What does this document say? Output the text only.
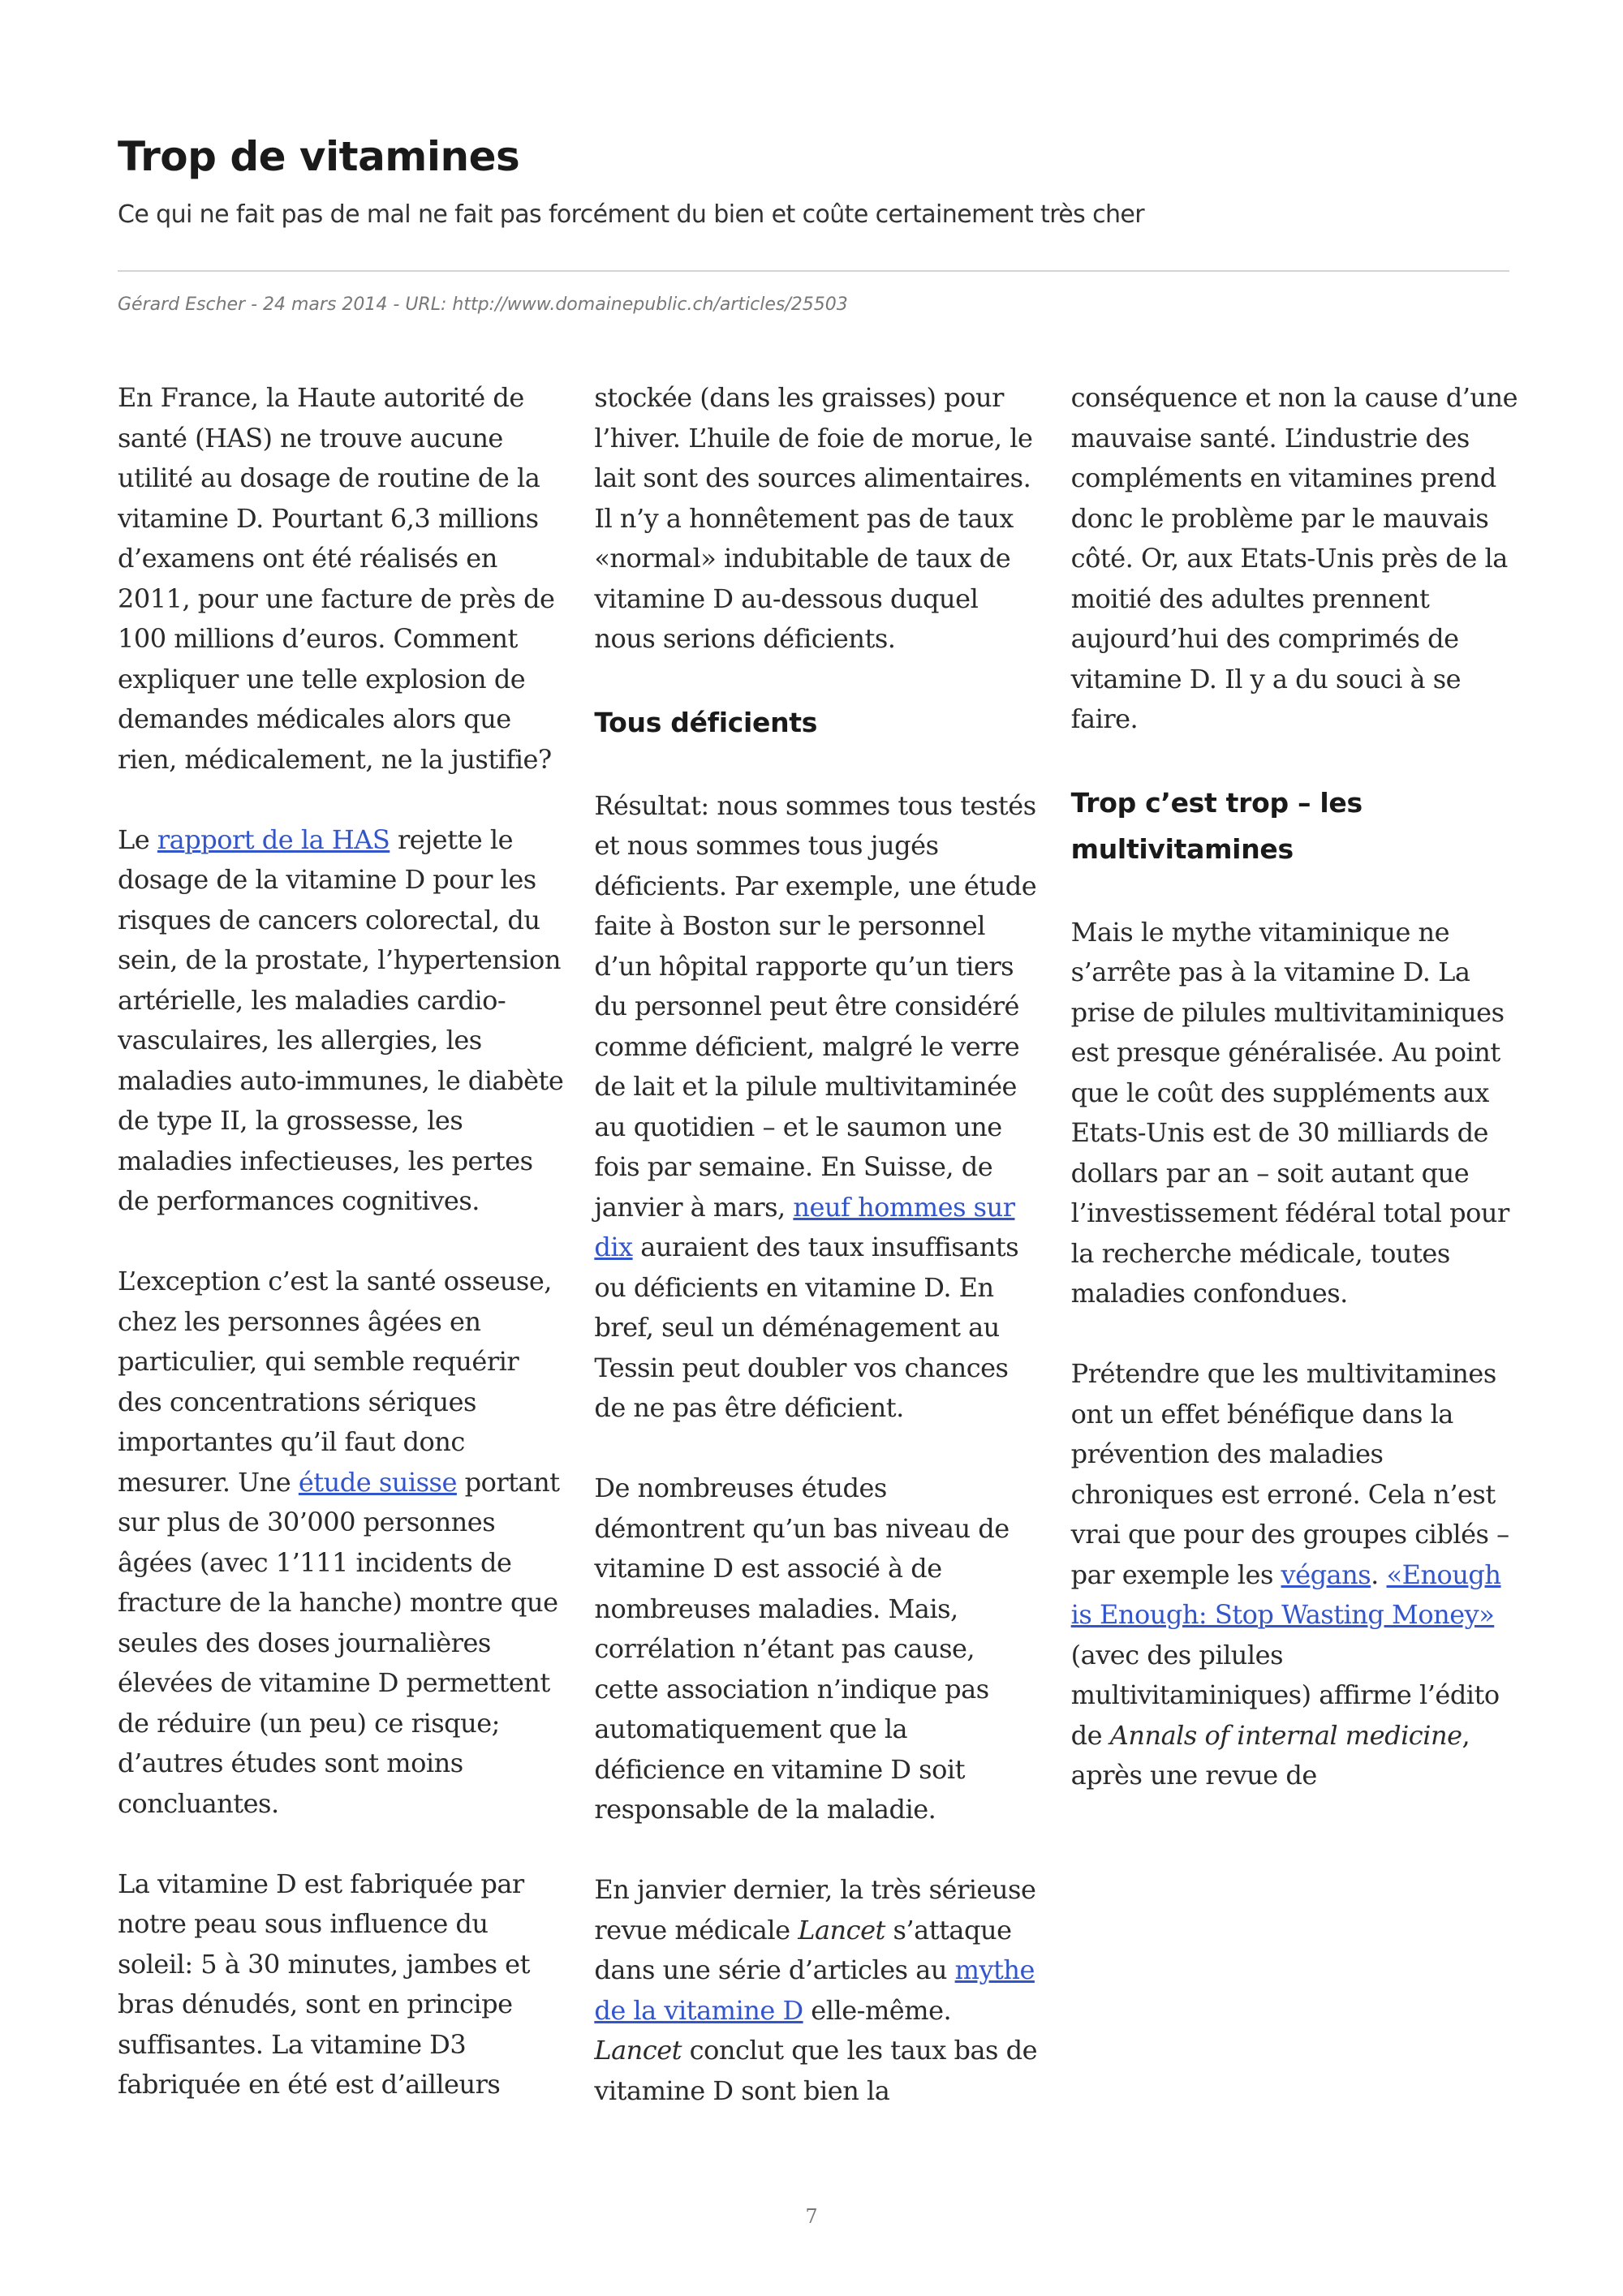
Trop de vitamines
Ce qui ne fait pas de mal ne fait pas forcément du bien et coûte certainement très cher
Gérard Escher - 24 mars 2014 - URL: http://www.domainepublic.ch/articles/25503
7

En France, la Haute autorité de santé (HAS) ne trouve aucune utilité au dosage de routine de la vitamine D. Pourtant 6,3 millions d’examens ont été réalisés en 2011, pour une facture de près de 100 millions d’euros. Comment expliquer une telle explosion de demandes médicales alors que rien, médicalement, ne la justifie?

Le rapport de la HAS rejette le dosage de la vitamine D pour les risques de cancers colorectal, du sein, de la prostate, l’hypertension artérielle, les maladies cardio-vasculaires, les allergies, les maladies auto-immunes, le diabète de type II, la grossesse, les maladies infectieuses, les pertes de performances cognitives.

L’exception c’est la santé osseuse, chez les personnes âgées en particulier, qui semble requérir des concentrations sériques importantes qu’il faut donc mesurer. Une étude suisse portant sur plus de 30’000 personnes âgées (avec 1’111 incidents de fracture de la hanche) montre que seules des doses journalières élevées de vitamine D permettent de réduire (un peu) ce risque; d’autres études sont moins concluantes.

La vitamine D est fabriquée par notre peau sous influence du soleil: 5 à 30 minutes, jambes et bras dénudés, sont en principe suffisantes. La vitamine D3 fabriquée en été est d’ailleurs stockée (dans les graisses) pour l’hiver. L’huile de foie de morue, le lait sont des sources alimentaires. Il n’y a honnêtement pas de taux «normal» indubitable de taux de vitamine D au-dessous duquel nous serions déficients.

Tous déficients

Résultat: nous sommes tous testés et nous sommes tous jugés déficients. Par exemple, une étude faite à Boston sur le personnel d’un hôpital rapporte qu’un tiers du personnel peut être considéré comme déficient, malgré le verre de lait et la pilule multivitaminée au quotidien – et le saumon une fois par semaine. En Suisse, de janvier à mars, neuf hommes sur dix auraient des taux insuffisants ou déficients en vitamine D. En bref, seul un déménagement au Tessin peut doubler vos chances de ne pas être déficient.

De nombreuses études démontrent qu’un bas niveau de vitamine D est associé à de nombreuses maladies. Mais, corrélation n’étant pas cause, cette association n’indique pas automatiquement que la déficience en vitamine D soit responsable de la maladie.

En janvier dernier, la très sérieuse revue médicale Lancet s’attaque dans une série d’articles au mythe de la vitamine D elle-même. Lancet conclut que les taux bas de vitamine D sont bien la conséquence et non la cause d’une mauvaise santé. L’industrie des compléments en vitamines prend donc le problème par le mauvais côté. Or, aux Etats-Unis près de la moitié des adultes prennent aujourd’hui des comprimés de vitamine D. Il y a du souci à se faire.

Trop c’est trop – les multivitamines

Mais le mythe vitaminique ne s’arrête pas à la vitamine D. La prise de pilules multivitaminiques est presque généralisée. Au point que le coût des suppléments aux Etats-Unis est de 30 milliards de dollars par an – soit autant que l’investissement fédéral total pour la recherche médicale, toutes maladies confondues.

Prétendre que les multivitamines ont un effet bénéfique dans la prévention des maladies chroniques est erroné. Cela n’est vrai que pour des groupes ciblés – par exemple les végans. «Enough is Enough: Stop Wasting Money» (avec des pilules multivitaminiques) affirme l’édito de Annals of internal medicine, après une revue de
